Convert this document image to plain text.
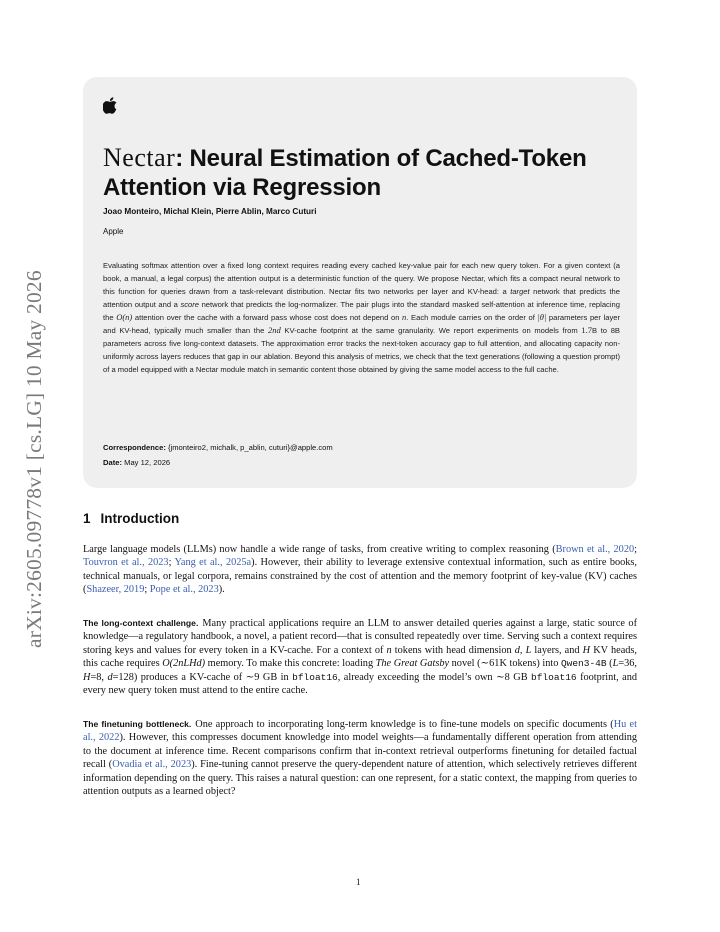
arXiv:2605.09778v1 [cs.LG] 10 May 2026
Nectar: Neural Estimation of Cached-Token Attention via Regression
Joao Monteiro, Michal Klein, Pierre Ablin, Marco Cuturi
Apple

Evaluating softmax attention over a fixed long context requires reading every cached key-value pair for each new query token. For a given context (a book, a manual, a legal corpus) the attention output is a deterministic function of the query. We propose Nectar, which fits a compact neural network to this function for queries drawn from a task-relevant distribution. Nectar fits two networks per layer and KV-head: a target network that predicts the attention output and a score network that predicts the log-normalizer. The pair plugs into the standard masked self-attention at inference time, replacing the O(n) attention over the cache with a forward pass whose cost does not depend on n. Each module carries on the order of |θ| parameters per layer and KV-head, typically much smaller than the 2nd KV-cache footprint at the same granularity. We report experiments on models from 1.7B to 8B parameters across five long-context datasets. The approximation error tracks the next-token accuracy gap to full attention, and allocating capacity non-uniformly across layers reduces that gap in our ablation. Beyond this analysis of metrics, we check that the text generations (following a question prompt) of a model equipped with a Nectar module match in semantic content those obtained by giving the same model access to the full cache.

Correspondence: {jmonteiro2, michalk, p_ablin, cuturi}@apple.com
Date: May 12, 2026
1 Introduction

Large language models (LLMs) now handle a wide range of tasks, from creative writing to complex reasoning (Brown et al., 2020; Touvron et al., 2023; Yang et al., 2025a). However, their ability to leverage extensive contextual information, such as entire books, technical manuals, or legal corpora, remains constrained by the cost of attention and the memory footprint of key-value (KV) caches (Shazeer, 2019; Pope et al., 2023).

The long-context challenge. Many practical applications require an LLM to answer detailed queries against a large, static source of knowledge—a regulatory handbook, a novel, a patient record—that is consulted repeatedly over time. Serving such a context requires storing keys and values for every token in a KV-cache. For a context of n tokens with head dimension d, L layers, and H KV heads, this cache requires O(2nLHd) memory. To make this concrete: loading The Great Gatsby novel (∼61K tokens) into Qwen3-4B (L=36, H=8, d=128) produces a KV-cache of ∼9 GB in bfloat16, already exceeding the model’s own ∼8 GB bfloat16 footprint, and every new query token must attend to the entire cache.

The finetuning bottleneck. One approach to incorporating long-term knowledge is to fine-tune models on specific documents (Hu et al., 2022). However, this compresses document knowledge into model weights—a fundamentally different operation from attending to the document at inference time. Recent comparisons confirm that in-context retrieval outperforms finetuning for detailed factual recall (Ovadia et al., 2023). Fine-tuning cannot preserve the query-dependent nature of attention, which selectively retrieves different information depending on the query. This raises a natural question: can one represent, for a static context, the mapping from queries to attention outputs as a learned object?

1
